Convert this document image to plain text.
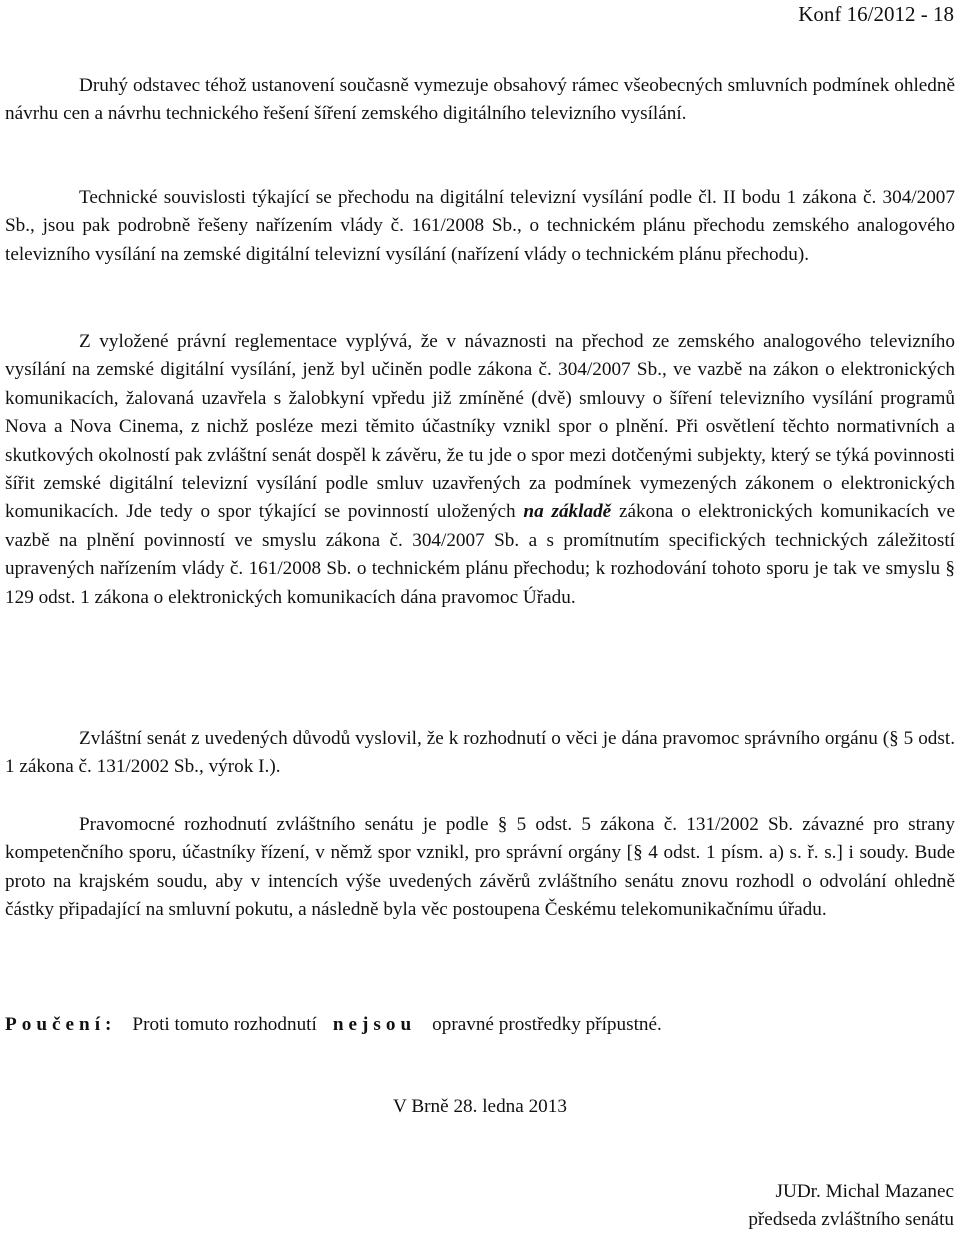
Konf 16/2012 - 18

Druhý odstavec téhož ustanovení současně vymezuje obsahový rámec všeobecných smluvních podmínek ohledně návrhu cen a návrhu technického řešení šíření zemského digitálního televizního vysílání.

Technické souvislosti týkající se přechodu na digitální televizní vysílání podle čl. II bodu 1 zákona č. 304/2007 Sb., jsou pak podrobně řešeny nařízením vlády č. 161/2008 Sb., o technickém plánu přechodu zemského analogového televizního vysílání na zemské digitální televizní vysílání (nařízení vlády o technickém plánu přechodu).

Z vyložené právní reglementace vyplývá, že v návaznosti na přechod ze zemského analogového televizního vysílání na zemské digitální vysílání, jenž byl učiněn podle zákona č. 304/2007 Sb., ve vazbě na zákon o elektronických komunikacích, žalovaná uzavřela s žalobkyní vpředu již zmíněné (dvě) smlouvy o šíření televizního vysílání programů Nova a Nova Cinema, z nichž posléze mezi těmito účastníky vznikl spor o plnění. Při osvětlení těchto normativních a skutkových okolností pak zvláštní senát dospěl k závěru, že tu jde o spor mezi dotčenými subjekty, který se týká povinnosti šířit zemské digitální televizní vysílání podle smluv uzavřených za podmínek vymezených zákonem o elektronických komunikacích. Jde tedy o spor týkající se povinností uložených na základě zákona o elektronických komunikacích ve vazbě na plnění povinností ve smyslu zákona č. 304/2007 Sb. a s promítnutím specifických technických záležitostí upravených nařízením vlády č. 161/2008 Sb. o technickém plánu přechodu; k rozhodování tohoto sporu je tak ve smyslu § 129 odst. 1 zákona o elektronických komunikacích dána pravomoc Úřadu.

Zvláštní senát z uvedených důvodů vyslovil, že k rozhodnutí o věci je dána pravomoc správního orgánu (§ 5 odst. 1 zákona č. 131/2002 Sb., výrok I.).

Pravomocné rozhodnutí zvláštního senátu je podle § 5 odst. 5 zákona č. 131/2002 Sb. závazné pro strany kompetenčního sporu, účastníky řízení, v němž spor vznikl, pro správní orgány [§ 4 odst. 1 písm. a) s. ř. s.] i soudy. Bude proto na krajském soudu, aby v intencích výše uvedených závěrů zvláštního senátu znovu rozhodl o odvolání ohledně částky připadající na smluvní pokutu, a následně byla věc postoupena Českému telekomunikačnímu úřadu.

Poučení: Proti tomuto rozhodnutí nejsou opravné prostředky přípustné.
V Brně 28. ledna 2013
JUDr. Michal Mazanec
předseda zvláštního senátu
